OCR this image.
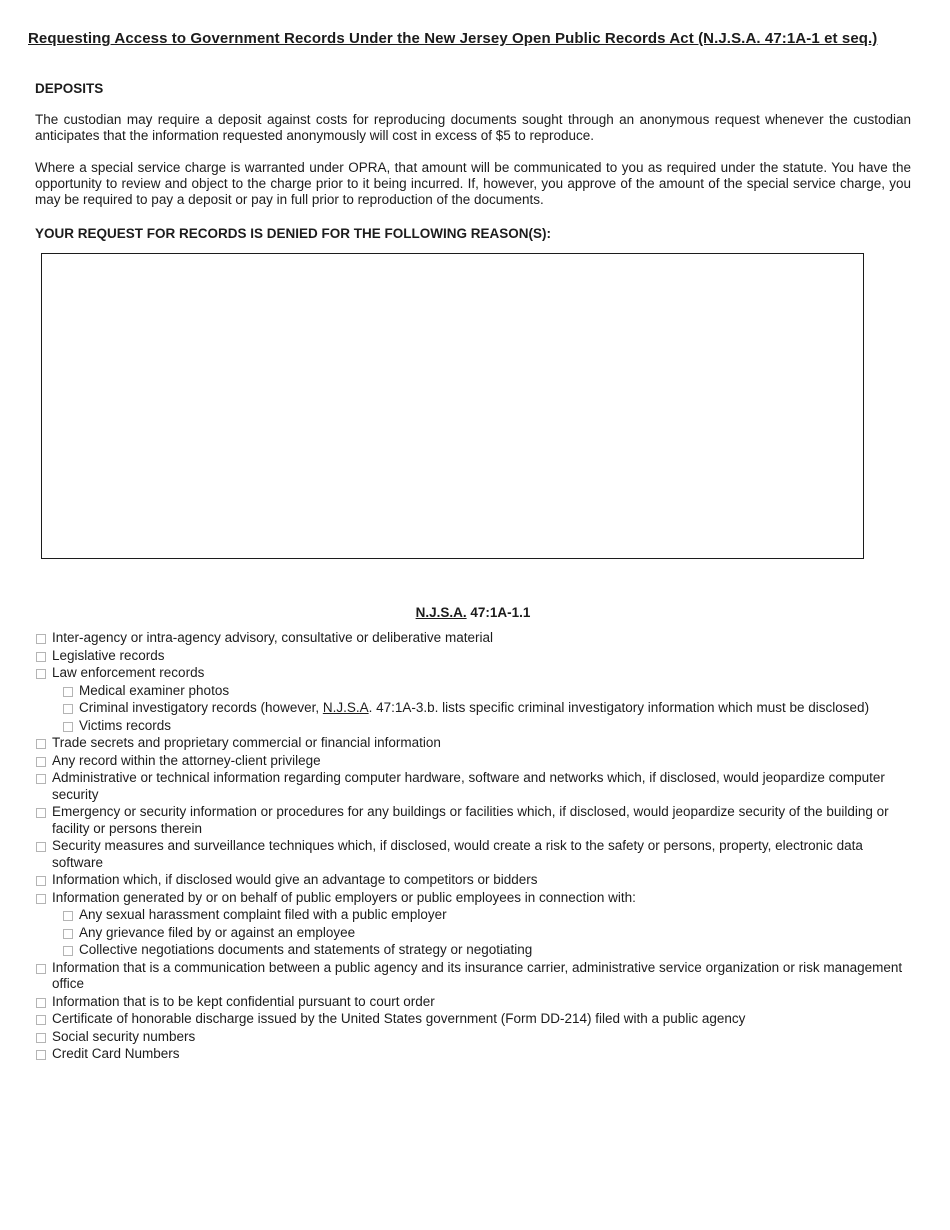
Requesting Access to Government Records Under the New Jersey Open Public Records Act (N.J.S.A. 47:1A-1 et seq.)
DEPOSITS

The custodian may require a deposit against costs for reproducing documents sought through an anonymous request whenever the custodian anticipates that the information requested anonymously will cost in excess of $5 to reproduce.

Where a special service charge is warranted under OPRA, that amount will be communicated to you as required under the statute. You have the opportunity to review and object to the charge prior to it being incurred. If, however, you approve of the amount of the special service charge, you may be required to pay a deposit or pay in full prior to reproduction of the documents.

YOUR REQUEST FOR RECORDS IS DENIED FOR THE FOLLOWING REASON(S):
N.J.S.A. 47:1A-1.1
Inter-agency or intra-agency advisory, consultative or deliberative material
Legislative records
Law enforcement records
Medical examiner photos
Criminal investigatory records (however, N.J.S.A. 47:1A-3.b. lists specific criminal investigatory information which must be disclosed)
Victims records
Trade secrets and proprietary commercial or financial information
Any record within the attorney-client privilege
Administrative or technical information regarding computer hardware, software and networks which, if disclosed, would jeopardize computer security
Emergency or security information or procedures for any buildings or facilities which, if disclosed, would jeopardize security of the building or facility or persons therein
Security measures and surveillance techniques which, if disclosed, would create a risk to the safety or persons, property, electronic data software
Information which, if disclosed would give an advantage to competitors or bidders
Information generated by or on behalf of public employers or public employees in connection with:
Any sexual harassment complaint filed with a public employer
Any grievance filed by or against an employee
Collective negotiations documents and statements of strategy or negotiating
Information that is a communication between a public agency and its insurance carrier, administrative service organization or risk management office
Information that is to be kept confidential pursuant to court order
Certificate of honorable discharge issued by the United States government (Form DD-214) filed with a public agency
Social security numbers
Credit Card Numbers
